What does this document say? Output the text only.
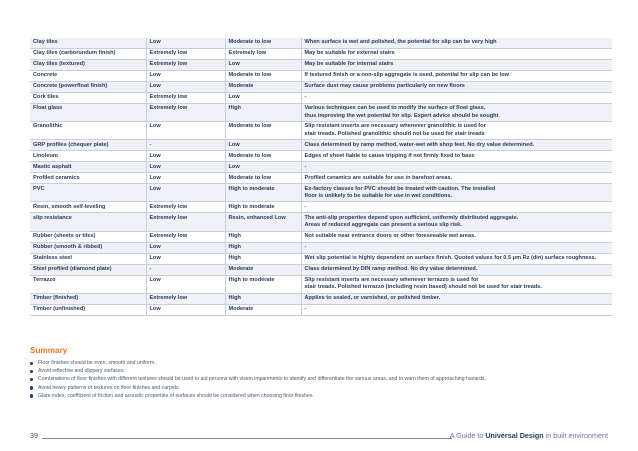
Clay tiles	Low	Moderate to low	When surface is wet and polished, the potential for slip can be very high

Clay tiles (carborundum finish)	Extremely low	Extremely low	May be suitable for external stairs

Clay tiles (textured)	Extremely low	Low	May be suitable for internal stairs

Concrete	Low	Moderate to low	If textured finish or a non-slip aggregate is used, potential for slip can be low

Concrete (powerfloat finish)	Low	Moderate	Surface dust may cause problems particularly on new floors

Cork tiles	Extremely low	Low	-

Float glass	Extremely low	High	Various techniques can be used to modify the surface of float glass,
thus improving the wet potential for slip. Expert advice should be sought

Granolithic	Low	Moderate to low	Slip resistant inserts are necessary whenever granolithic is used for
stair treads. Polished granolithic should not be used for stair treads

GRP profiles (chequer plate)	-	Low	Class determined by ramp method, water-wet with shop feet. No dry value determined.

Linoleum	Low	Moderate to low	Edges of sheet liable to cause tripping if not firmly fixed to base

Mastic asphalt	Low	Low	-

Profiled ceramics	Low	Moderate to low	Profiled ceramics are suitable for use in barefoot areas.

PVC	Low	High to moderate	Ex-factory classes for PVC should be treated with caution. The installed
floor is unlikely to be suitable for use in wet conditions.

Resin, smooth self-leveling	Extremely low	High to moderate	-

slip resistance	Extremely low	Resin, enhanced Low	The anti-slip properties depend upon sufficient, uniformly distributed aggregate.
Areas of reduced aggregate can present a serious slip risk.

Rubber (sheets or tiles)	Extremely low	High	Not suitable near entrance doors or other foreseeable wet areas.

Rubber (smooth & ribbed)	Low	High	-

Stainless steel	Low	High	Wet slip potential is highly dependent on surface finish. Quoted values for 0.5 μm Rz (din) surface roughness.

Steel profiled (diamond plate)	-	Moderate	Class determined by DIN ramp method. No dry value determined.

Terrazzo	Low	High to moderate	Slip resistant inserts are necessary whenever terrazzo is used for
stair treads. Polished terrazzo (including resin based) should not be used for stair treads.

Timber (finished)	Extremely low	High	Applies to sealed, or varnished, or polished timber.

Timber (unfinished)	Low	Moderate	-
Summary
Floor finishes should be even, smooth and uniform.
Avoid reflective and slippery surfaces.
Combinations of floor finishes with different textures should be used to aid persons with vision impairments to identify and differentiate the various areas, and to warn them of approaching hazards.
Avoid heavy patterns or textures on floor finishes and carpets.
Glare index, coefficient of friction and acoustic properties of surfaces should be considered when choosing floor finishes.
39	A Guide to Universal Design in built environment
